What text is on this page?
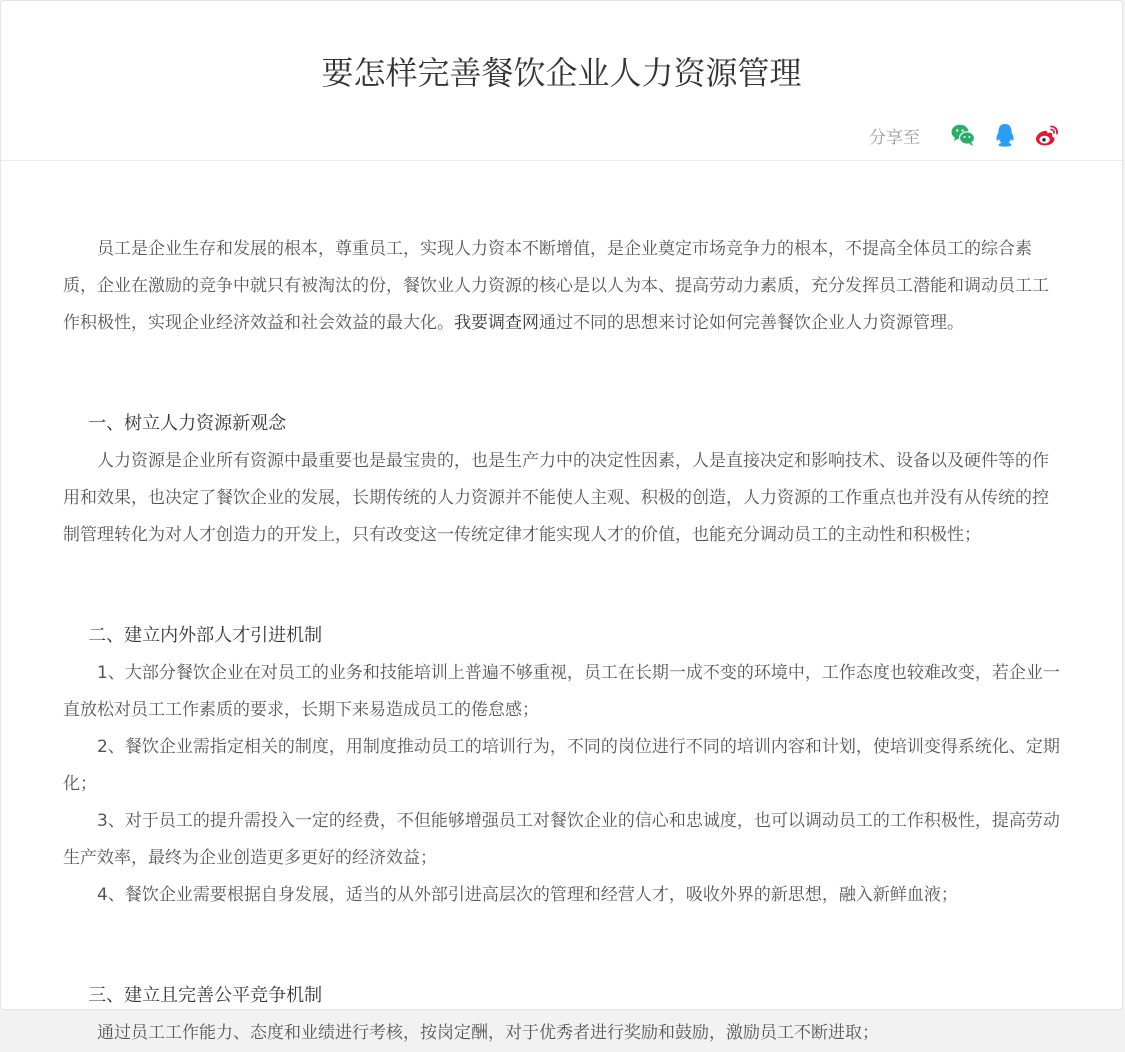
要怎样完善餐饮企业人力资源管理
分享至

员工是企业生存和发展的根本，尊重员工，实现人力资本不断增值，是企业奠定市场竞争力的根本，不提高全体员工的综合素质，企业在激励的竞争中就只有被淘汰的份，餐饮业人力资源的核心是以人为本、提高劳动力素质，充分发挥员工潜能和调动员工工作积极性，实现企业经济效益和社会效益的最大化。我要调查网通过不同的思想来讨论如何完善餐饮企业人力资源管理。

一、树立人力资源新观念

人力资源是企业所有资源中最重要也是最宝贵的，也是生产力中的决定性因素，人是直接决定和影响技术、设备以及硬件等的作用和效果，也决定了餐饮企业的发展，长期传统的人力资源并不能使人主观、积极的创造，人力资源的工作重点也并没有从传统的控制管理转化为对人才创造力的开发上，只有改变这一传统定律才能实现人才的价值，也能充分调动员工的主动性和积极性；

二、建立内外部人才引进机制

1、大部分餐饮企业在对员工的业务和技能培训上普遍不够重视，员工在长期一成不变的环境中，工作态度也较难改变，若企业一直放松对员工工作素质的要求，长期下来易造成员工的倦怠感；

2、餐饮企业需指定相关的制度，用制度推动员工的培训行为，不同的岗位进行不同的培训内容和计划，使培训变得系统化、定期化；

3、对于员工的提升需投入一定的经费，不但能够增强员工对餐饮企业的信心和忠诚度，也可以调动员工的工作积极性，提高劳动生产效率，最终为企业创造更多更好的经济效益；

4、餐饮企业需要根据自身发展，适当的从外部引进高层次的管理和经营人才，吸收外界的新思想，融入新鲜血液；

三、建立且完善公平竞争机制

通过员工工作能力、态度和业绩进行考核，按岗定酬，对于优秀者进行奖励和鼓励，激励员工不断进取；
